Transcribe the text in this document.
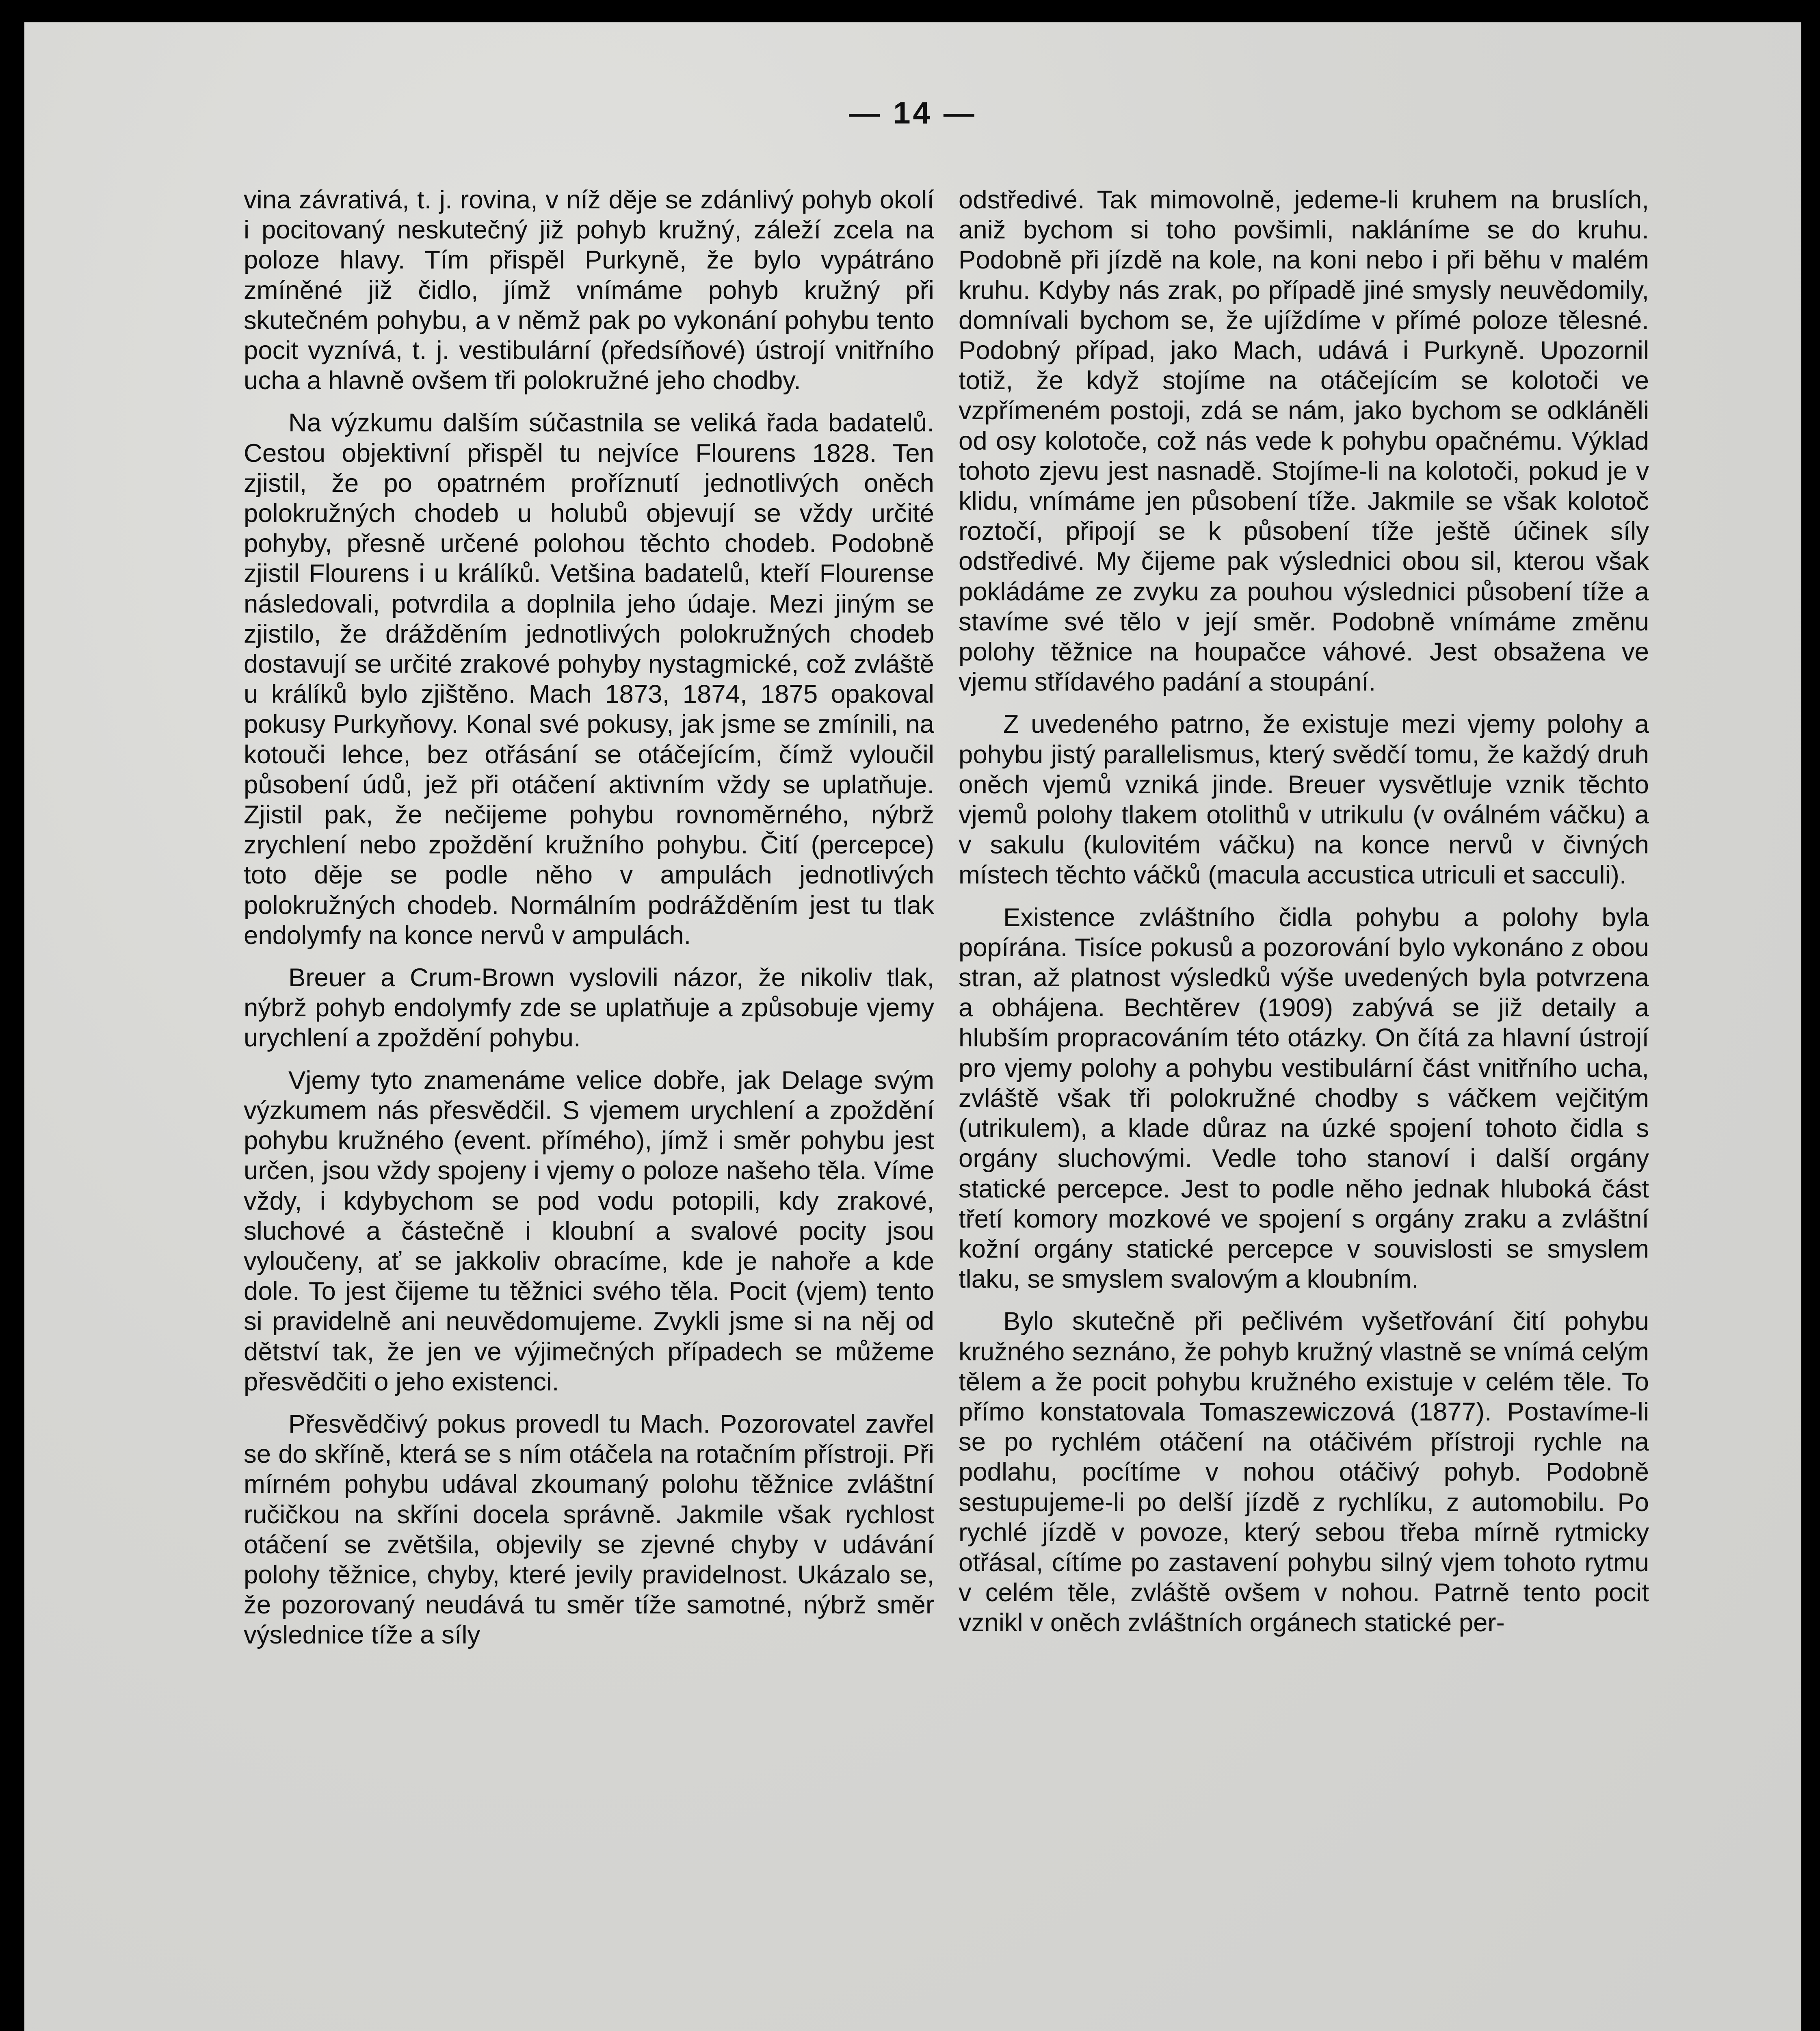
— 14 —

vina závrativá, t. j. rovina, v níž děje se zdánlivý pohyb okolí i pocitovaný neskutečný již pohyb kružný, záleží zcela na poloze hlavy. Tím přispěl Purkyně, že bylo vypátráno zmíněné již čidlo, jímž vnímáme pohyb kružný při skutečném pohybu, a v němž pak po vykonání pohybu tento pocit vyznívá, t. j. vestibulární (předsíňové) ústrojí vnitřního ucha a hlavně ovšem tři polokružné jeho chodby.

Na výzkumu dalším súčastnila se veliká řada badatelů. Cestou objektivní přispěl tu nejvíce Flourens 1828. Ten zjistil, že po opatrném proříznutí jednotlivých oněch polokružných chodeb u holubů objevují se vždy určité pohyby, přesně určené polohou těchto chodeb. Podobně zjistil Flourens i u králíků. Vetšina badatelů, kteří Flourense následovali, potvrdila a doplnila jeho údaje. Mezi jiným se zjistilo, že drážděním jednotlivých polokružných chodeb dostavují se určité zrakové pohyby nystagmické, což zvláště u králíků bylo zjištěno. Mach 1873, 1874, 1875 opakoval pokusy Purkyňovy. Konal své pokusy, jak jsme se zmínili, na kotouči lehce, bez otřásání se otáčejícím, čímž vyloučil působení údů, jež při otáčení aktivním vždy se uplatňuje. Zjistil pak, že nečijeme pohybu rovnoměrného, nýbrž zrychlení nebo zpoždění kružního pohybu. Čití (percepce) toto děje se podle něho v ampulách jednotlivých polokružných chodeb. Normálním podrážděním jest tu tlak endolymfy na konce nervů v ampulách.

Breuer a Crum-Brown vyslovili názor, že nikoliv tlak, nýbrž pohyb endolymfy zde se uplatňuje a způsobuje vjemy urychlení a zpoždění pohybu.

Vjemy tyto znamenáme velice dobře, jak Delage svým výzkumem nás přesvědčil. S vjemem urychlení a zpoždění pohybu kružného (event. přímého), jímž i směr pohybu jest určen, jsou vždy spojeny i vjemy o poloze našeho těla. Víme vždy, i kdybychom se pod vodu potopili, kdy zrakové, sluchové a částečně i kloubní a svalové pocity jsou vyloučeny, ať se jakkoliv obracíme, kde je nahoře a kde dole. To jest čijeme tu těžnici svého těla. Pocit (vjem) tento si pravidelně ani neuvědomujeme. Zvykli jsme si na něj od dětství tak, že jen ve výjimečných případech se můžeme přesvědčiti o jeho existenci.

Přesvědčivý pokus provedl tu Mach. Pozorovatel zavřel se do skříně, která se s ním otáčela na rotačním přístroji. Při mírném pohybu udával zkoumaný polohu těžnice zvláštní ručičkou na skříni docela správně. Jakmile však rychlost otáčení se zvětšila, objevily se zjevné chyby v udávání polohy těžnice, chyby, které jevily pravidelnost. Ukázalo se, že pozorovaný neudává tu směr tíže samotné, nýbrž směr výslednice tíže a síly

odstředivé. Tak mimovolně, jedeme-li kruhem na bruslích, aniž bychom si toho povšimli, nakláníme se do kruhu. Podobně při jízdě na kole, na koni nebo i při běhu v malém kruhu. Kdyby nás zrak, po případě jiné smysly neuvědomily, domnívali bychom se, že ujíždíme v přímé poloze tělesné. Podobný případ, jako Mach, udává i Purkyně. Upozornil totiž, že když stojíme na otáčejícím se kolotoči ve vzpřímeném postoji, zdá se nám, jako bychom se odkláněli od osy kolotoče, což nás vede k pohybu opačnému. Výklad tohoto zjevu jest nasnadě. Stojíme-li na kolotoči, pokud je v klidu, vnímáme jen působení tíže. Jakmile se však kolotoč roztočí, připojí se k působení tíže ještě účinek síly odstředivé. My čijeme pak výslednici obou sil, kterou však pokládáme ze zvyku za pouhou výslednici působení tíže a stavíme své tělo v její směr. Podobně vnímáme změnu polohy těžnice na houpačce váhové. Jest obsažena ve vjemu střídavého padání a stoupání.

Z uvedeného patrno, že existuje mezi vjemy polohy a pohybu jistý parallelismus, který svědčí tomu, že každý druh oněch vjemů vzniká jinde. Breuer vysvětluje vznik těchto vjemů polohy tlakem otolithů v utrikulu (v oválném váčku) a v sakulu (kulovitém váčku) na konce nervů v čivných místech těchto váčků (macula accustica utriculi et sacculi).

Existence zvláštního čidla pohybu a polohy byla popírána. Tisíce pokusů a pozorování bylo vykonáno z obou stran, až platnost výsledků výše uvedených byla potvrzena a obhájena. Bechtěrev (1909) zabývá se již detaily a hlubším propracováním této otázky. On čítá za hlavní ústrojí pro vjemy polohy a pohybu vestibulární část vnitřního ucha, zvláště však tři polokružné chodby s váčkem vejčitým (utrikulem), a klade důraz na úzké spojení tohoto čidla s orgány sluchovými. Vedle toho stanoví i další orgány statické percepce. Jest to podle něho jednak hluboká část třetí komory mozkové ve spojení s orgány zraku a zvláštní kožní orgány statické percepce v souvislosti se smyslem tlaku, se smyslem svalovým a kloubním.

Bylo skutečně při pečlivém vyšetřování čití pohybu kružného seznáno, že pohyb kružný vlastně se vnímá celým tělem a že pocit pohybu kružného existuje v celém těle. To přímo konstatovala Tomaszewiczová (1877). Postavíme-li se po rychlém otáčení na otáčivém přístroji rychle na podlahu, pocítíme v nohou otáčivý pohyb. Podobně sestupujeme-li po delší jízdě z rychlíku, z automobilu. Po rychlé jízdě v povoze, který sebou třeba mírně rytmicky otřásal, cítíme po zastavení pohybu silný vjem tohoto rytmu v celém těle, zvláště ovšem v nohou. Patrně tento pocit vznikl v oněch zvláštních orgánech statické per-
